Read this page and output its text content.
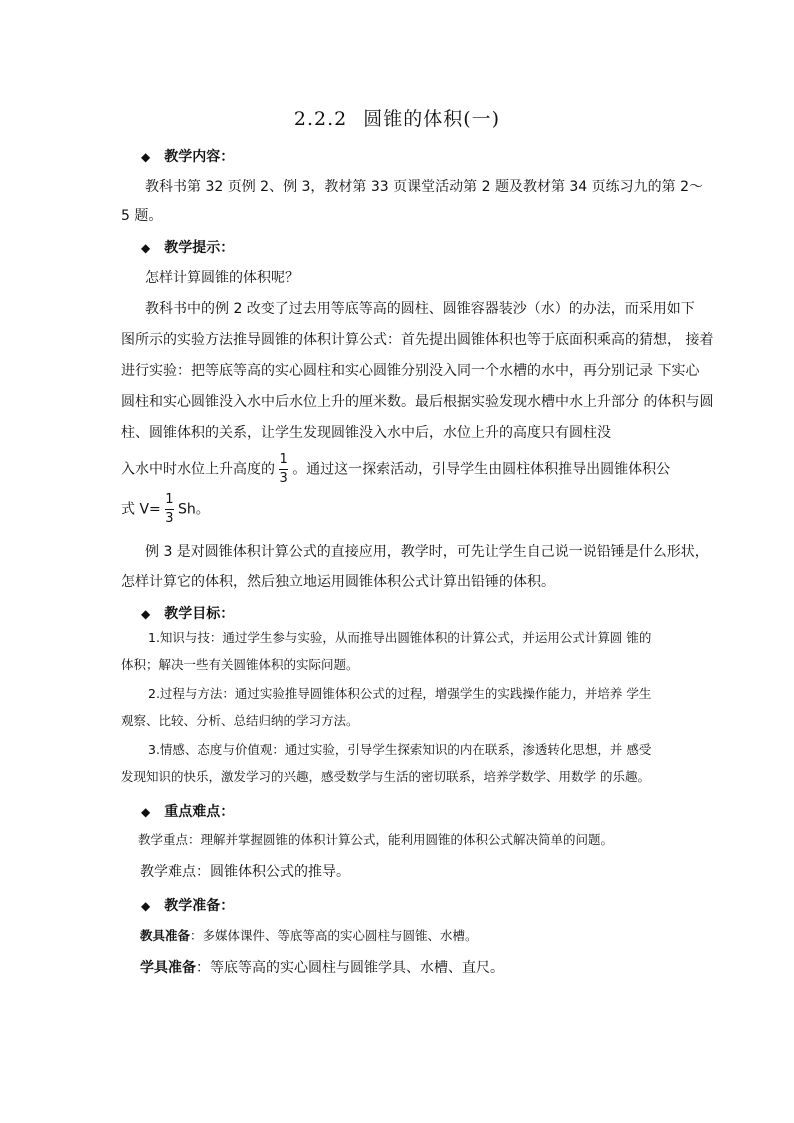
2.2.2 圆锥的体积(一)
◆ 教学内容：
教科书第 32 页例 2、例 3，教材第 33 页课堂活动第 2 题及教材第 34 页练习九的第 2～
5 题。
◆ 教学提示：
怎样计算圆锥的体积呢？
教科书中的例 2 改变了过去用等底等高的圆柱、圆锥容器装沙（水）的办法，而采用如下
图所示的实验方法推导圆锥的体积计算公式：首先提出圆锥体积也等于底面积乘高的猜想， 接着
进行实验：把等底等高的实心圆柱和实心圆锥分别没入同一个水槽的水中，再分别记录 下实心
圆柱和实心圆锥没入水中后水位上升的厘米数。最后根据实验发现水槽中水上升部分 的体积与圆
柱、圆锥体积的关系，让学生发现圆锥没入水中后，水位上升的高度只有圆柱没
入水中时水位上升高度的 $\frac{1}{3}$ 。通过这一探索活动，引导学生由圆柱体积推导出圆锥体积公
式 $V= \frac{1}{3}$ Sh。
例 3 是对圆锥体积计算公式的直接应用，教学时，可先让学生自己说一说铅锤是什么形状，
怎样计算它的体积，然后独立地运用圆锥体积公式计算出铅锤的体积。
◆ 教学目标：
1.知识与技：通过学生参与实验，从而推导出圆锥体积的计算公式，并运用公式计算圆 锥的
体积；解决一些有关圆锥体积的实际问题。
2.过程与方法：通过实验推导圆锥体积公式的过程，增强学生的实践操作能力，并培养 学生
观察、比较、分析、总结归纳的学习方法。
3.情感、态度与价值观：通过实验，引导学生探索知识的内在联系，渗透转化思想，并 感受
发现知识的快乐，激发学习的兴趣，感受数学与生活的密切联系，培养学数学、用数学 的乐趣。
◆ 重点难点：
教学重点：理解并掌握圆锥的体积计算公式，能利用圆锥的体积公式解决简单的问题。
教学难点：圆锥体积公式的推导。
◆ 教学准备：
教具准备：多媒体课件、等底等高的实心圆柱与圆锥、水槽。
学具准备：等底等高的实心圆柱与圆锥学具、水槽、直尺。
